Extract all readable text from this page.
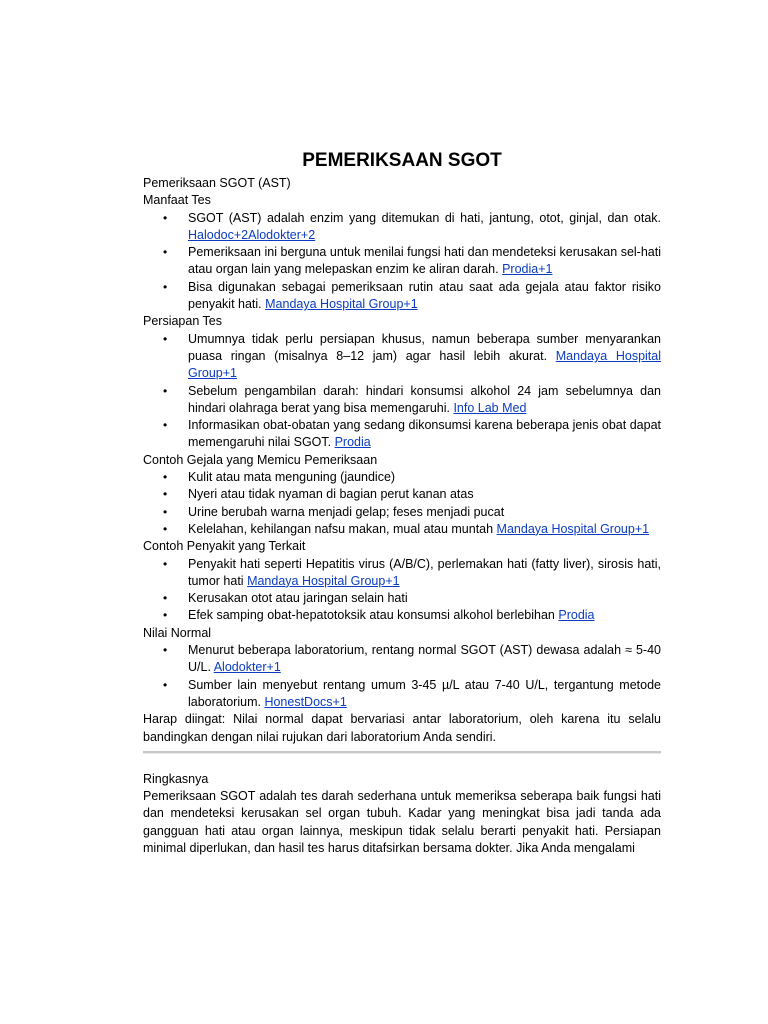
PEMERIKSAAN SGOT

Pemeriksaan SGOT (AST)

Manfaat Tes

• SGOT (AST) adalah enzim yang ditemukan di hati, jantung, otot, ginjal, dan otak. Halodoc+2Alodokter+2
• Pemeriksaan ini berguna untuk menilai fungsi hati dan mendeteksi kerusakan sel-hati atau organ lain yang melepaskan enzim ke aliran darah. Prodia+1
• Bisa digunakan sebagai pemeriksaan rutin atau saat ada gejala atau faktor risiko penyakit hati. Mandaya Hospital Group+1

Persiapan Tes

• Umumnya tidak perlu persiapan khusus, namun beberapa sumber menyarankan puasa ringan (misalnya 8–12 jam) agar hasil lebih akurat. Mandaya Hospital Group+1
• Sebelum pengambilan darah: hindari konsumsi alkohol 24 jam sebelumnya dan hindari olahraga berat yang bisa memengaruhi. Info Lab Med
• Informasikan obat-obatan yang sedang dikonsumsi karena beberapa jenis obat dapat memengaruhi nilai SGOT. Prodia

Contoh Gejala yang Memicu Pemeriksaan

• Kulit atau mata menguning (jaundice)
• Nyeri atau tidak nyaman di bagian perut kanan atas
• Urine berubah warna menjadi gelap; feses menjadi pucat
• Kelelahan, kehilangan nafsu makan, mual atau muntah Mandaya Hospital Group+1

Contoh Penyakit yang Terkait

• Penyakit hati seperti Hepatitis virus (A/B/C), perlemakan hati (fatty liver), sirosis hati, tumor hati Mandaya Hospital Group+1
• Kerusakan otot atau jaringan selain hati
• Efek samping obat-hepatotoksik atau konsumsi alkohol berlebihan Prodia

Nilai Normal

• Menurut beberapa laboratorium, rentang normal SGOT (AST) dewasa adalah ≈ 5-40 U/L. Alodokter+1
• Sumber lain menyebut rentang umum 3-45 µ/L atau 7-40 U/L, tergantung metode laboratorium. HonestDocs+1

Harap diingat: Nilai normal dapat bervariasi antar laboratorium, oleh karena itu selalu bandingkan dengan nilai rujukan dari laboratorium Anda sendiri.

Ringkasnya

Pemeriksaan SGOT adalah tes darah sederhana untuk memeriksa seberapa baik fungsi hati dan mendeteksi kerusakan sel organ tubuh. Kadar yang meningkat bisa jadi tanda ada gangguan hati atau organ lainnya, meskipun tidak selalu berarti penyakit hati. Persiapan minimal diperlukan, dan hasil tes harus ditafsirkan bersama dokter. Jika Anda mengalami
